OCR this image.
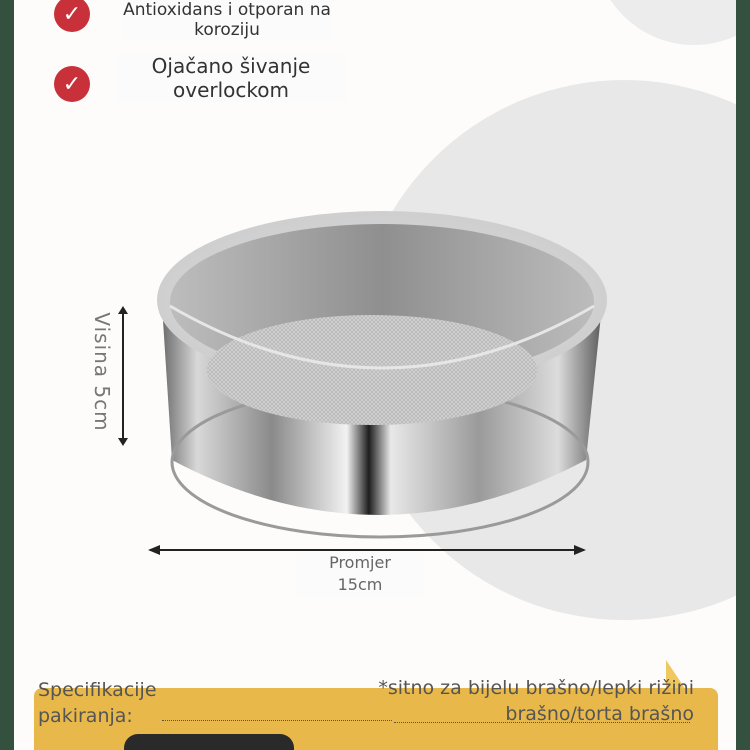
✓	Antioxidans i otporan na koroziju
✓
Ojačano šivanje overlockom
Visina 5cm
Promjer
15cm
Specifikacije pakiranja:
*sitno za bijelu brašno/lepki rižini brašno/torta brašno
